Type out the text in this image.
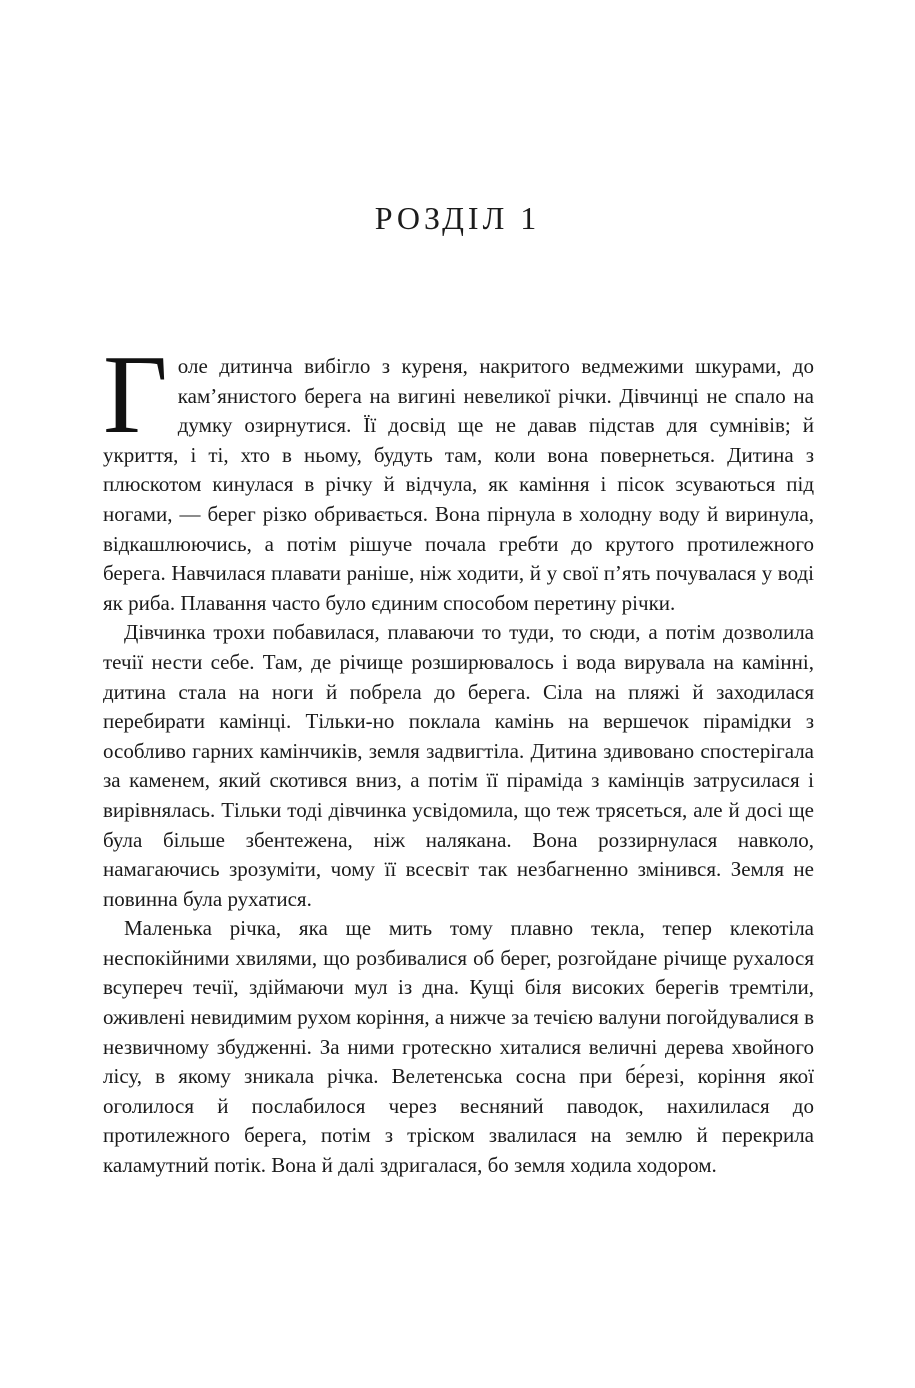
РОЗДІЛ 1

Голе дитинча вибігло з куреня, накритого ведмежими шкурами, до кам’янистого берега на вигині невеликої річки. Дівчинці не спало на думку озирнутися. Її досвід ще не давав підстав для сумнівів; й укриття, і ті, хто в ньому, будуть там, коли вона повернеться. Дитина з плюскотом кинулася в річку й відчула, як каміння і пісок зсуваються під ногами, — берег різко обривається. Вона пірнула в холодну воду й виринула, відкашлюючись, а потім рішуче почала гребти до крутого протилежного берега. Навчилася плавати раніше, ніж ходити, й у свої п’ять почувалася у воді як риба. Плавання часто було єдиним способом перетину річки.

Дівчинка трохи побавилася, плаваючи то туди, то сюди, а потім дозволила течії нести себе. Там, де річище розширювалось і вода вирувала на камінні, дитина стала на ноги й побрела до берега. Сіла на пляжі й заходилася перебирати камінці. Тільки-но поклала камінь на вершечок пірамідки з особливо гарних камінчиків, земля задвигтіла. Дитина здивовано спостерігала за каменем, який скотився вниз, а потім її піраміда з камінців затрусилася і вирівнялась. Тільки тоді дівчинка усвідомила, що теж трясеться, але й досі ще була більше збентежена, ніж налякана. Вона роззирнулася навколо, намагаючись зрозуміти, чому її всесвіт так незбагненно змінився. Земля не повинна була рухатися.

Маленька річка, яка ще мить тому плавно текла, тепер клекотіла неспокійними хвилями, що розбивалися об берег, розгойдане річище рухалося всупереч течії, здіймаючи мул із дна. Кущі біля високих берегів тремтіли, оживлені невидимим рухом коріння, а нижче за течією валуни погойдувалися в незвичному збудженні. За ними гротескно хиталися величні дерева хвойного лісу, в якому зникала річка. Велетенська сосна при бе́резі, коріння якої оголилося й послабилося через весняний паводок, нахилилася до протилежного берега, потім з тріском звалилася на землю й перекрила каламутний потік. Вона й далі здригалася, бо земля ходила ходором.
